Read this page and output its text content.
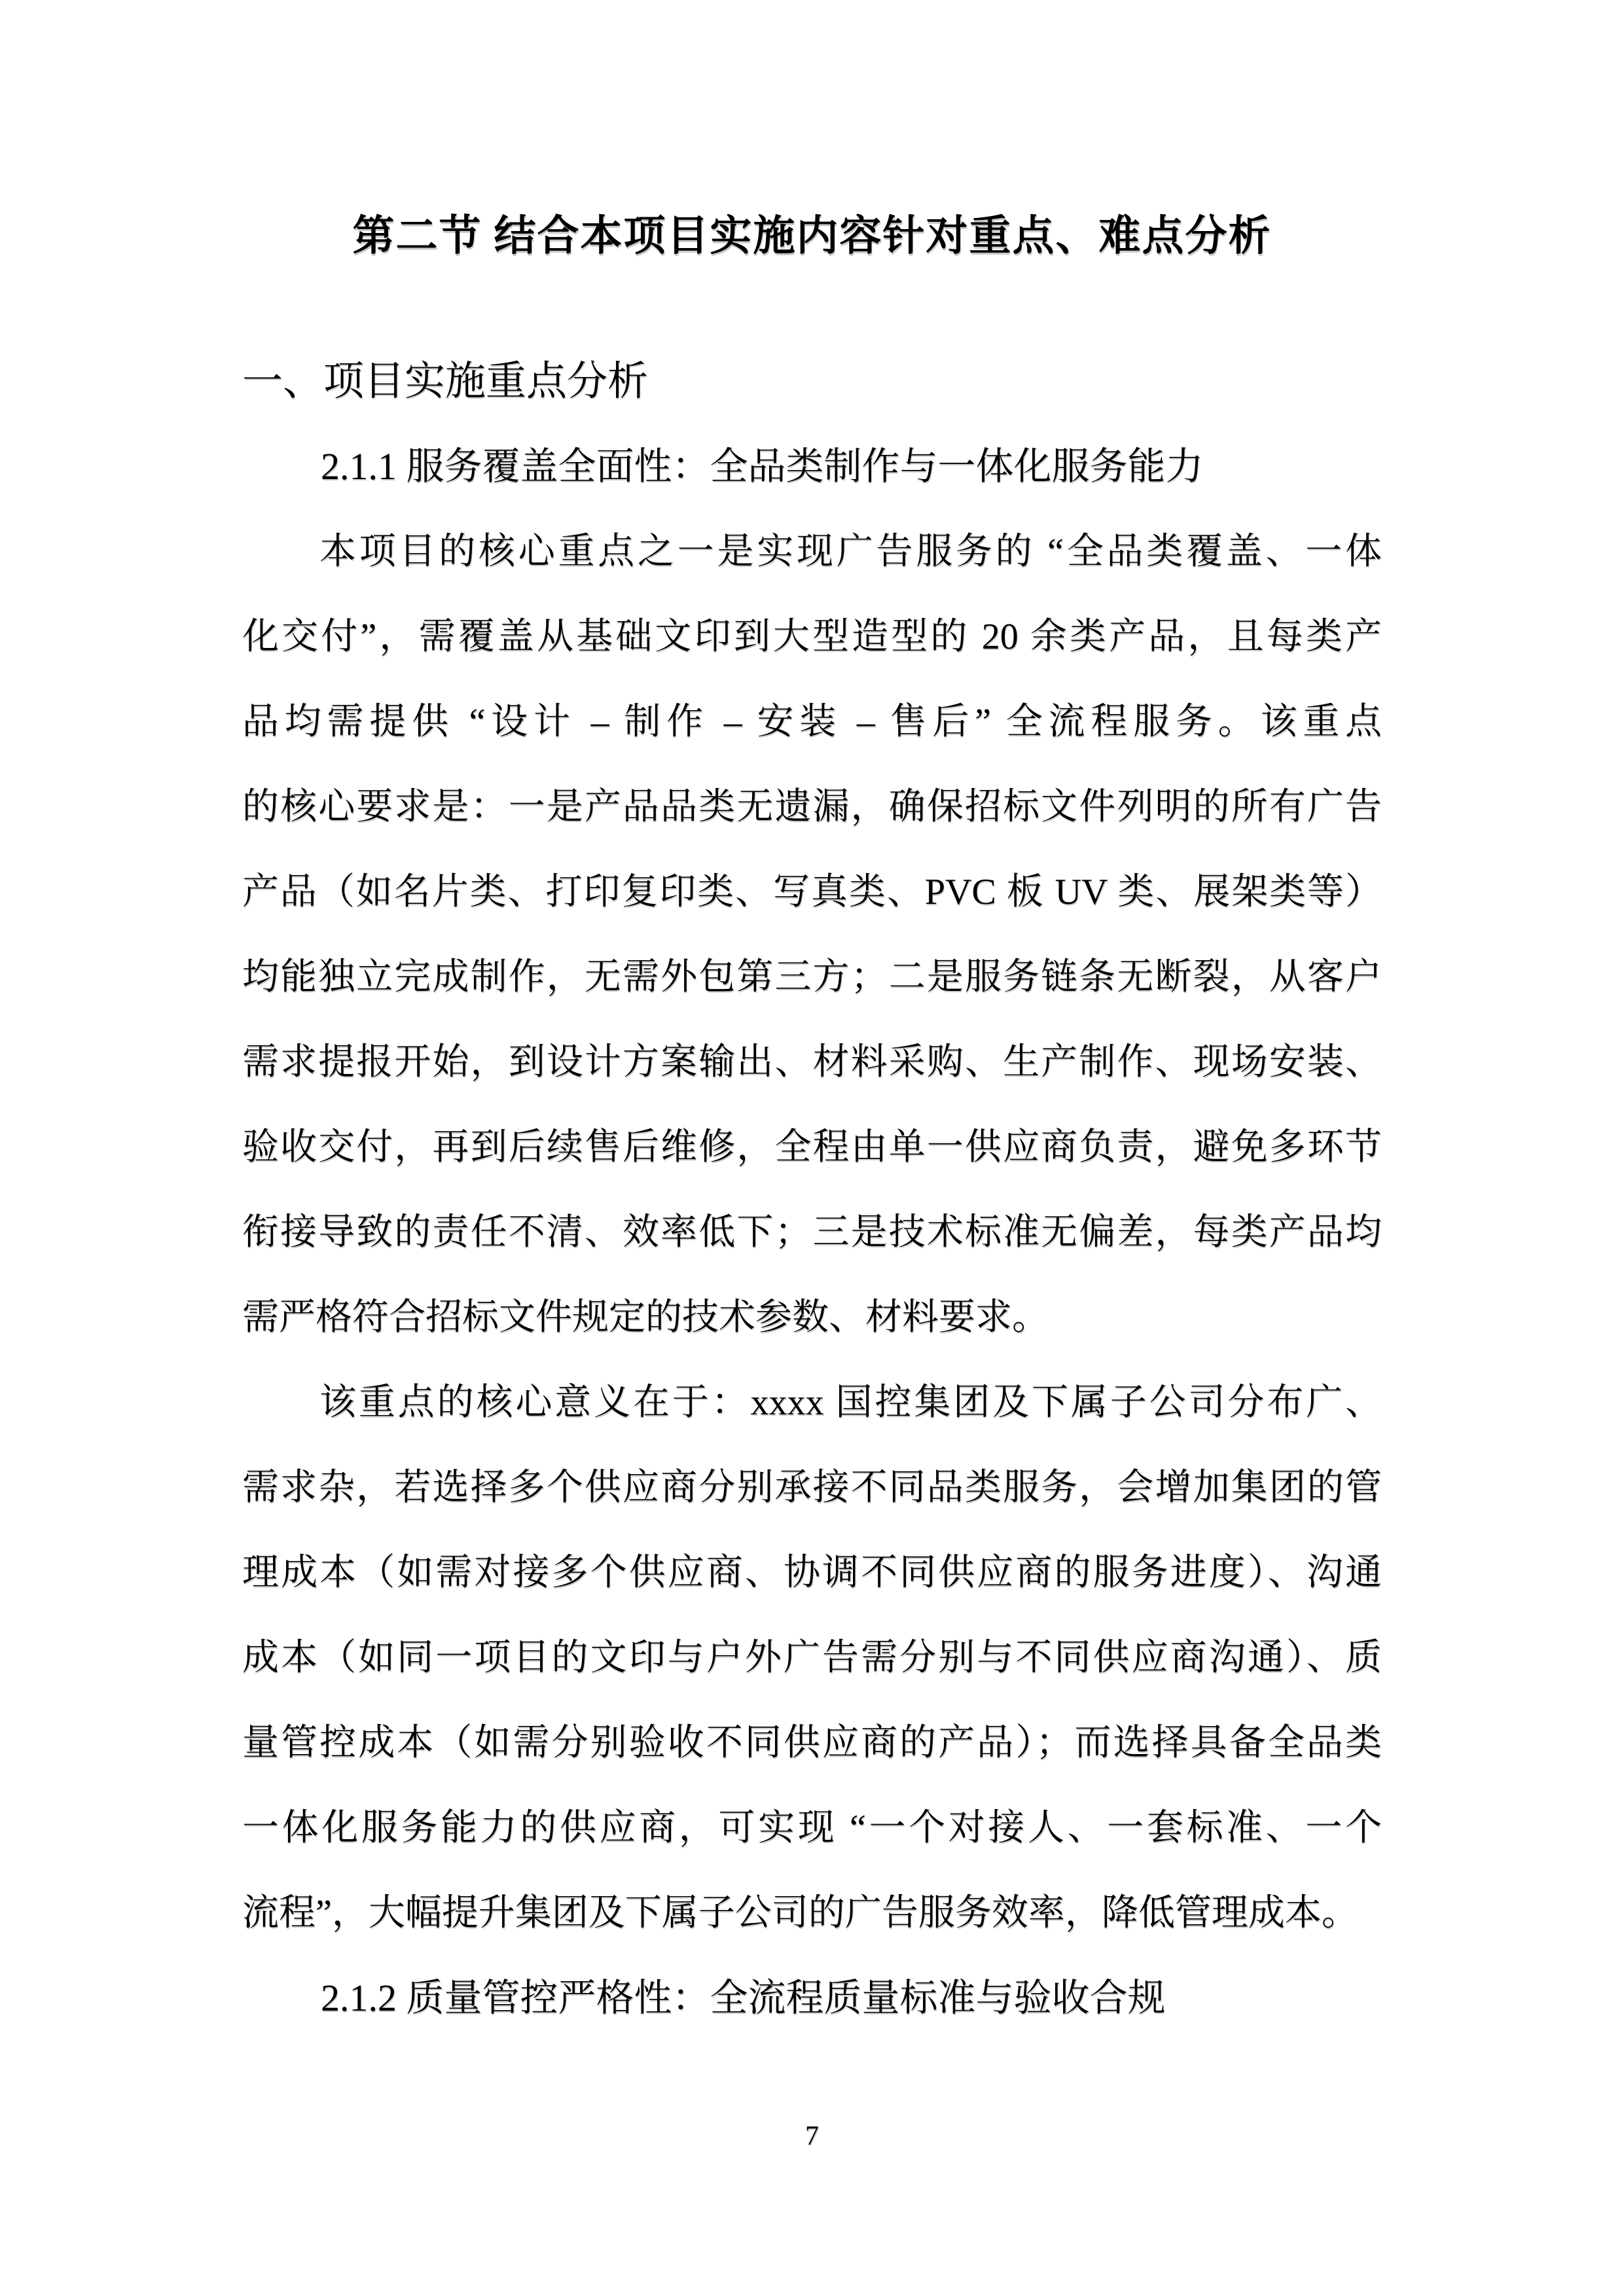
第二节 结合本项目实施内容针对重点、难点分析
一、项目实施重点分析
2.1.1 服务覆盖全面性：全品类制作与一体化服务能力
本项目的核心重点之一是实现广告服务的 “全品类覆盖、一体
化交付”，需覆盖从基础文印到大型造型的 20 余类产品，且每类产
品均需提供 “设计 – 制作 – 安装 – 售后” 全流程服务。该重点
的核心要求是：一是产品品类无遗漏，确保招标文件列明的所有广告
产品（如名片类、打印复印类、写真类、PVC 板 UV 类、展架类等）
均能独立完成制作，无需外包第三方；二是服务链条无断裂，从客户
需求提报开始，到设计方案输出、材料采购、生产制作、现场安装、
验收交付，再到后续售后维修，全程由单一供应商负责，避免多环节
衔接导致的责任不清、效率低下；三是技术标准无偏差，每类产品均
需严格符合招标文件规定的技术参数、材料要求。
该重点的核心意义在于：xxxx 国控集团及下属子公司分布广、
需求杂，若选择多个供应商分别承接不同品类服务，会增加集团的管
理成本（如需对接多个供应商、协调不同供应商的服务进度）、沟通
成本（如同一项目的文印与户外广告需分别与不同供应商沟通）、质
量管控成本（如需分别验收不同供应商的产品）；而选择具备全品类
一体化服务能力的供应商，可实现 “一个对接人、一套标准、一个
流程”，大幅提升集团及下属子公司的广告服务效率，降低管理成本。
2.1.2 质量管控严格性：全流程质量标准与验收合规
7
